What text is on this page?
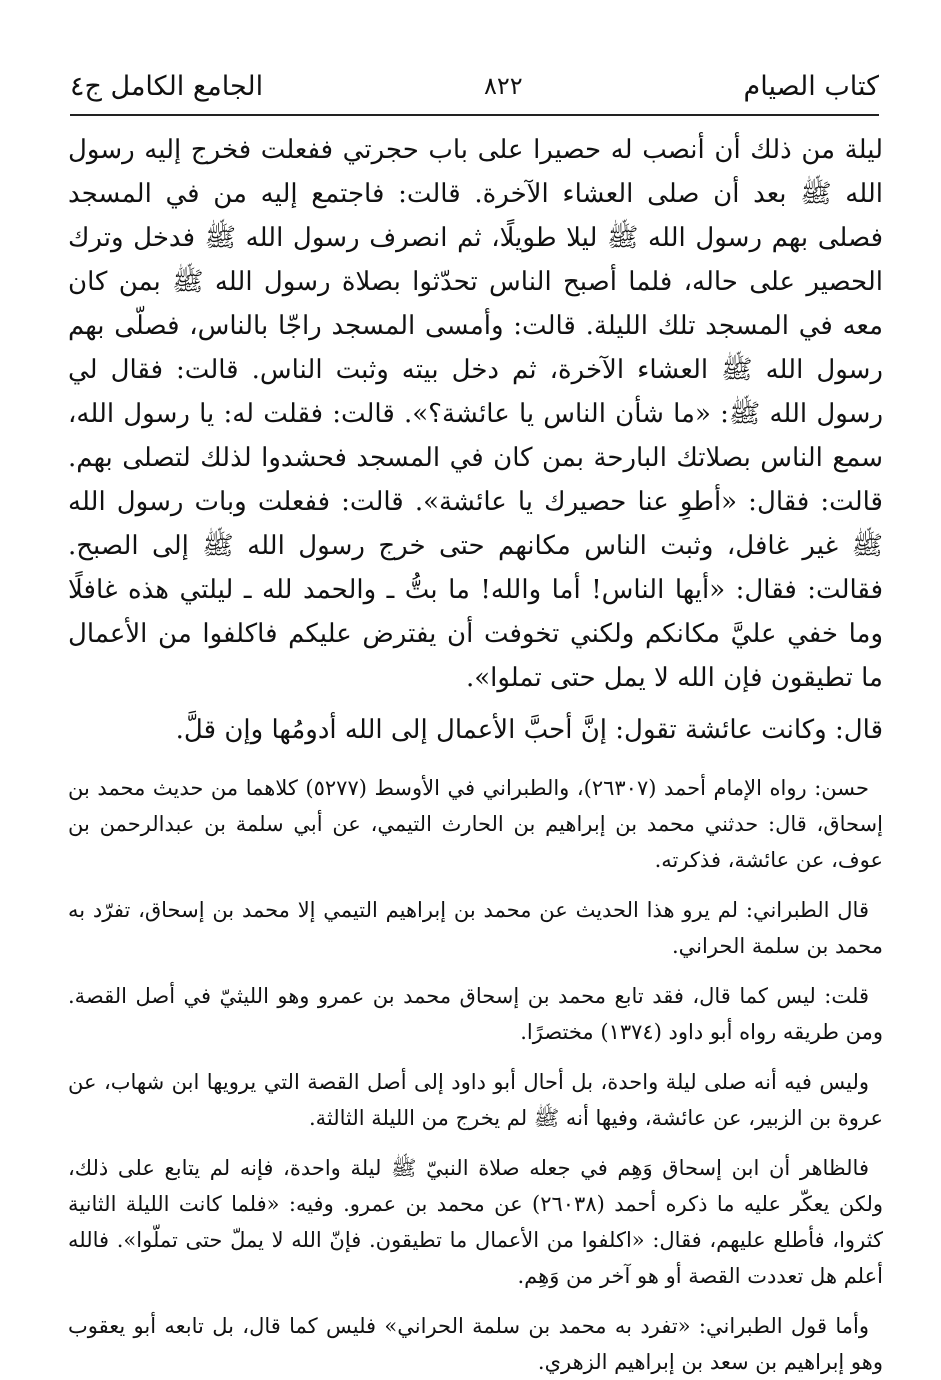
كتاب الصيام
٨٢٢
الجامع الكامل ج٤

ليلة من ذلك أن أنصب له حصيرا على باب حجرتي ففعلت فخرج إليه رسول الله ﷺ بعد أن صلى العشاء الآخرة. قالت: فاجتمع إليه من في المسجد فصلى بهم رسول الله ﷺ ليلا طويلًا، ثم انصرف رسول الله ﷺ فدخل وترك الحصير على حاله، فلما أصبح الناس تحدّثوا بصلاة رسول الله ﷺ بمن كان معه في المسجد تلك الليلة. قالت: وأمسى المسجد راجّا بالناس، فصلّى بهم رسول الله ﷺ العشاء الآخرة، ثم دخل بيته وثبت الناس. قالت: فقال لي رسول الله ﷺ: «ما شأن الناس يا عائشة؟». قالت: فقلت له: يا رسول الله، سمع الناس بصلاتك البارحة بمن كان في المسجد فحشدوا لذلك لتصلى بهم. قالت: فقال: «أطوِ عنا حصيرك يا عائشة». قالت: ففعلت وبات رسول الله ﷺ غير غافل، وثبت الناس مكانهم حتى خرج رسول الله ﷺ إلى الصبح. فقالت: فقال: «أيها الناس! أما والله! ما بتُّ ـ والحمد لله ـ ليلتي هذه غافلًا وما خفي عليَّ مكانكم ولكني تخوفت أن يفترض عليكم فاكلفوا من الأعمال ما تطيقون فإن الله لا يمل حتى تملوا».

قال: وكانت عائشة تقول: إنَّ أحبَّ الأعمال إلى الله أدومُها وإن قلَّ.

حسن: رواه الإمام أحمد (٢٦٣٠٧)، والطبراني في الأوسط (٥٢٧٧) كلاهما من حديث محمد بن إسحاق، قال: حدثني محمد بن إبراهيم بن الحارث التيمي، عن أبي سلمة بن عبدالرحمن بن عوف، عن عائشة، فذكرته.

قال الطبراني: لم يرو هذا الحديث عن محمد بن إبراهيم التيمي إلا محمد بن إسحاق، تفرّد به محمد بن سلمة الحراني.

قلت: ليس كما قال، فقد تابع محمد بن إسحاق محمد بن عمرو وهو الليثيّ في أصل القصة. ومن طريقه رواه أبو داود (١٣٧٤) مختصرًا.

وليس فيه أنه صلى ليلة واحدة، بل أحال أبو داود إلى أصل القصة التي يرويها ابن شهاب، عن عروة بن الزبير، عن عائشة، وفيها أنه ﷺ لم يخرج من الليلة الثالثة.

فالظاهر أن ابن إسحاق وَهِم في جعله صلاة النبيّ ﷺ ليلة واحدة، فإنه لم يتابع على ذلك، ولكن يعكّر عليه ما ذكره أحمد (٢٦٠٣٨) عن محمد بن عمرو. وفيه: «فلما كانت الليلة الثانية كثروا، فأطلع عليهم، فقال: «اكلفوا من الأعمال ما تطيقون. فإنّ الله لا يملّ حتى تملّوا». فالله أعلم هل تعددت القصة أو هو آخر من وَهِم.

وأما قول الطبراني: «تفرد به محمد بن سلمة الحراني» فليس كما قال، بل تابعه أبو يعقوب وهو إبراهيم بن سعد بن إبراهيم الزهري.
